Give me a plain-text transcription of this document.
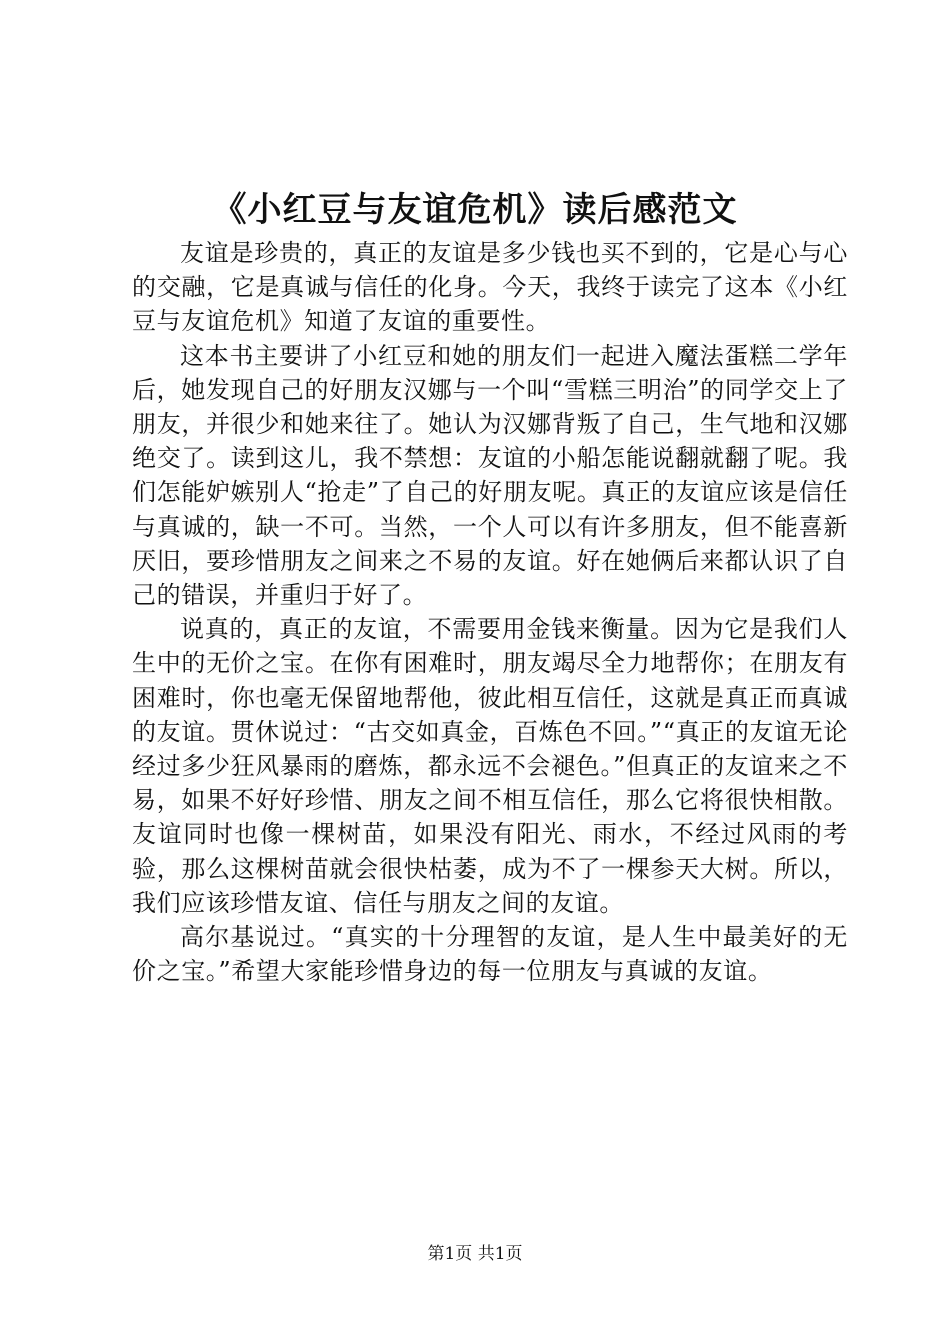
《小红豆与友谊危机》读后感范文

友谊是珍贵的，真正的友谊是多少钱也买不到的，它是心与心的交融，它是真诚与信任的化身。今天，我终于读完了这本《小红豆与友谊危机》知道了友谊的重要性。

这本书主要讲了小红豆和她的朋友们一起进入魔法蛋糕二学年后，她发现自己的好朋友汉娜与一个叫“雪糕三明治”的同学交上了朋友，并很少和她来往了。她认为汉娜背叛了自己，生气地和汉娜绝交了。读到这儿，我不禁想：友谊的小船怎能说翻就翻了呢。我们怎能妒嫉别人“抢走”了自己的好朋友呢。真正的友谊应该是信任与真诚的，缺一不可。当然，一个人可以有许多朋友，但不能喜新厌旧，要珍惜朋友之间来之不易的友谊。好在她俩后来都认识了自己的错误，并重归于好了。

说真的，真正的友谊，不需要用金钱来衡量。因为它是我们人生中的无价之宝。在你有困难时，朋友竭尽全力地帮你；在朋友有困难时，你也毫无保留地帮他，彼此相互信任，这就是真正而真诚的友谊。贯休说过：“古交如真金，百炼色不回。”“真正的友谊无论经过多少狂风暴雨的磨炼，都永远不会褪色。”但真正的友谊来之不易，如果不好好珍惜、朋友之间不相互信任，那么它将很快相散。友谊同时也像一棵树苗，如果没有阳光、雨水，不经过风雨的考验，那么这棵树苗就会很快枯萎，成为不了一棵参天大树。所以，我们应该珍惜友谊、信任与朋友之间的友谊。

高尔基说过。“真实的十分理智的友谊，是人生中最美好的无价之宝。”希望大家能珍惜身边的每一位朋友与真诚的友谊。

第1页 共1页
